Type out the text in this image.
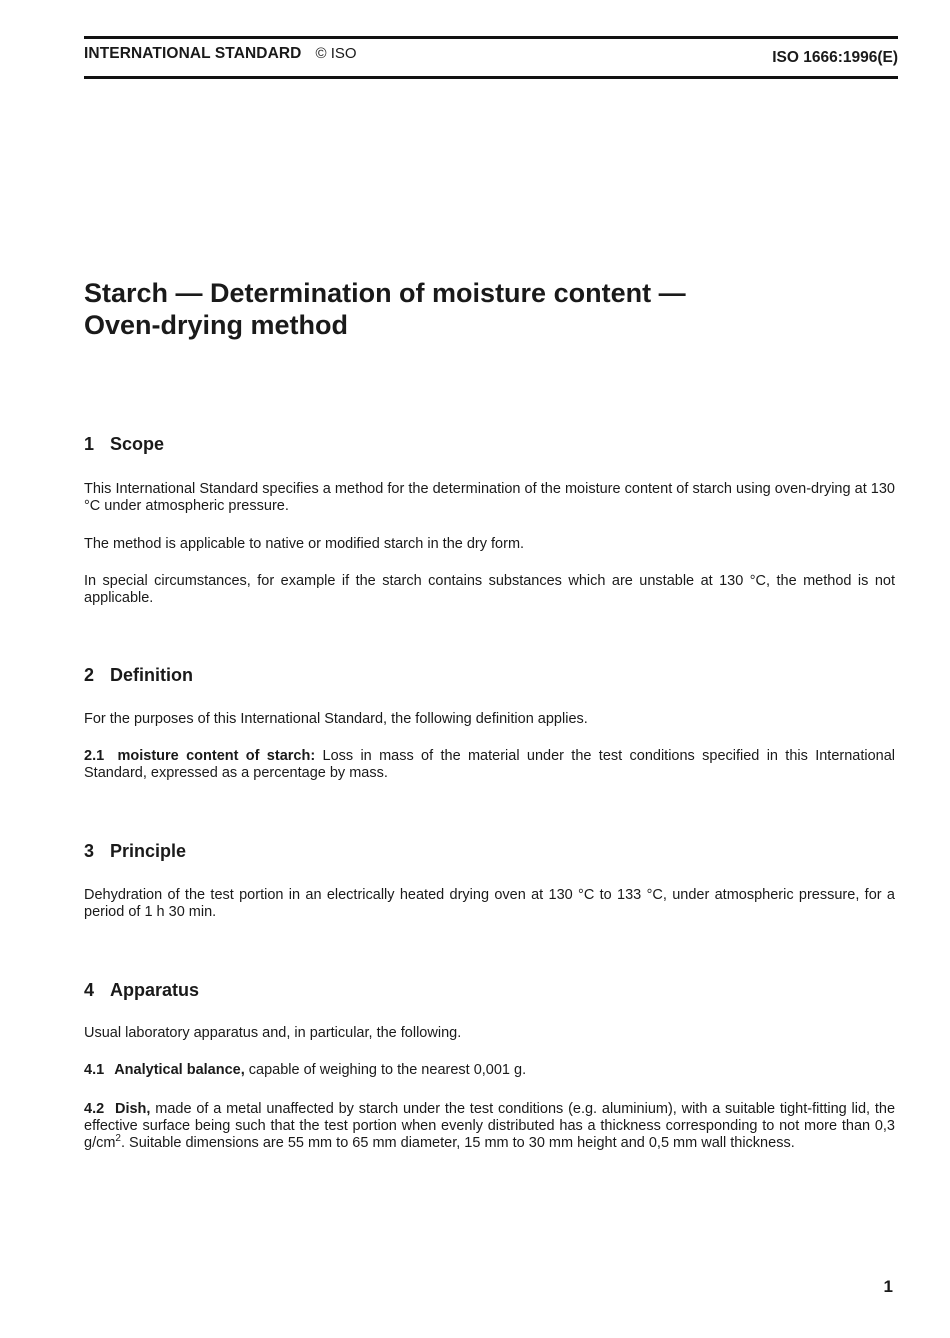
INTERNATIONAL STANDARD © ISO	ISO 1666:1996(E)
Starch — Determination of moisture content —
Oven-drying method
1 Scope

This International Standard specifies a method for the determination of the moisture content of starch using oven-drying at 130 °C under atmospheric pressure.

The method is applicable to native or modified starch in the dry form.

In special circumstances, for example if the starch contains substances which are unstable at 130 °C, the method is not applicable.

2 Definition

For the purposes of this International Standard, the following definition applies.

2.1 moisture content of starch: Loss in mass of the material under the test conditions specified in this International Standard, expressed as a percentage by mass.

3 Principle

Dehydration of the test portion in an electrically heated drying oven at 130 °C to 133 °C, under atmospheric pressure, for a period of 1 h 30 min.

4 Apparatus

Usual laboratory apparatus and, in particular, the following.

4.1 Analytical balance, capable of weighing to the nearest 0,001 g.

4.2 Dish, made of a metal unaffected by starch under the test conditions (e.g. aluminium), with a suitable tight-fitting lid, the effective surface being such that the test portion when evenly distributed has a thickness corresponding to not more than 0,3 $g/cm^2$. Suitable dimensions are 55 mm to 65 mm diameter, 15 mm to 30 mm height and 0,5 mm wall thickness.

1
